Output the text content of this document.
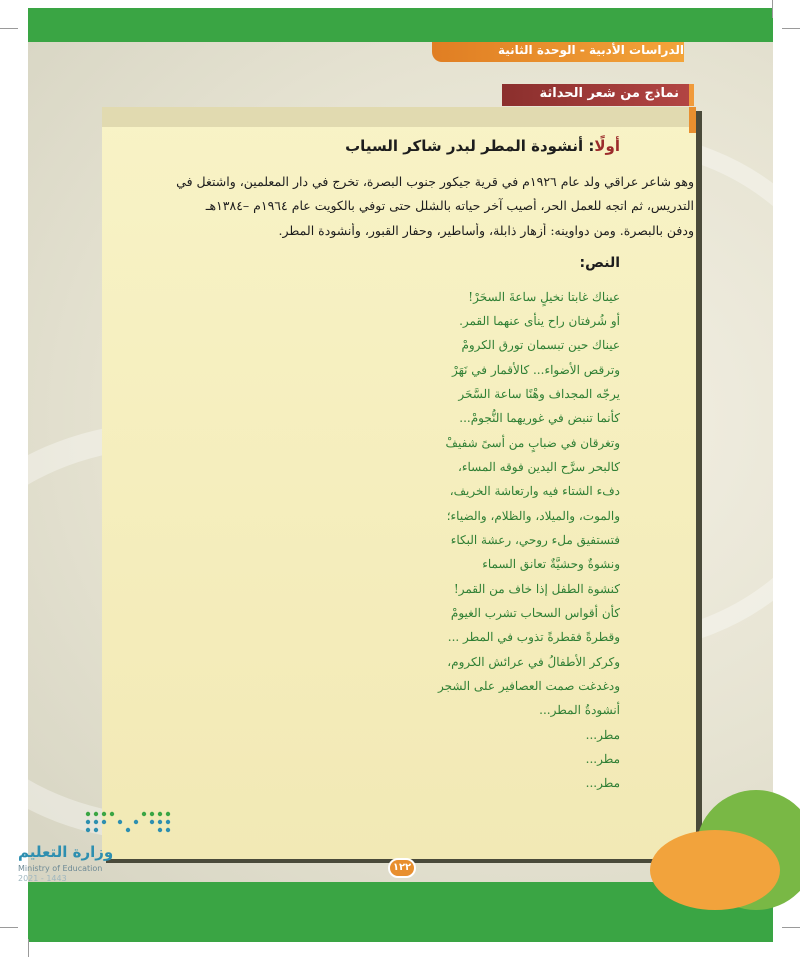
الدراسات الأدبية - الوحدة الثانية
نماذج من شعر الحداثة
أولًا: أنشودة المطر لبدر شاكر السياب
وهو شاعر عراقي ولد عام ١٩٢٦م في قرية جيكور جنوب البصرة، تخرج في دار المعلمين، واشتغل في
التدريس، ثم اتجه للعمل الحر، أصيب آخر حياته بالشلل حتى توفي بالكويت عام ١٩٦٤م –١٣٨٤هـ
ودفن بالبصرة. ومن دواوينه: أزهار ذابلة، وأساطير، وحفار القبور، وأنشودة المطر.
النص:
عيناك غابتا نخيلٍ ساعةَ السحَرْ!
أو شُرفتان راح ينأى عنهما القمر.
عيناك حين تبسمان تورق الكرومْ
وترقص الأضواء... كالأقمار في نَهَرْ
يرجّه المجداف وهْنًا ساعة السَّحَر
كأنما تنبض في غوريهما النُّجومْ...
وتغرقان في ضبابٍ من أسىً شفيفْ
كالبحر سرَّح اليدين فوقه المساء،
دفء الشتاء فيه وارتعاشة الخريف،
والموت، والميلاد، والظلام، والضياء؛
فتستفيق ملء روحي، رعشة البكاء
ونشوةٌ وحشيَّةٌ تعانق السماء
كنشوة الطفل إذا خاف من القمر!
كأن أقواس السحاب تشرب الغيومْ
وقطرةً فقطرةً تذوب في المطر ...
وكركر الأطفالُ في عرائش الكروم،
ودغدغت صمت العصافير على الشجر
أنشودةُ المطر...
مطر...
مطر...
مطر...
وزارة التعليم
Ministry of Education
2021 - 1443
١٢٢
